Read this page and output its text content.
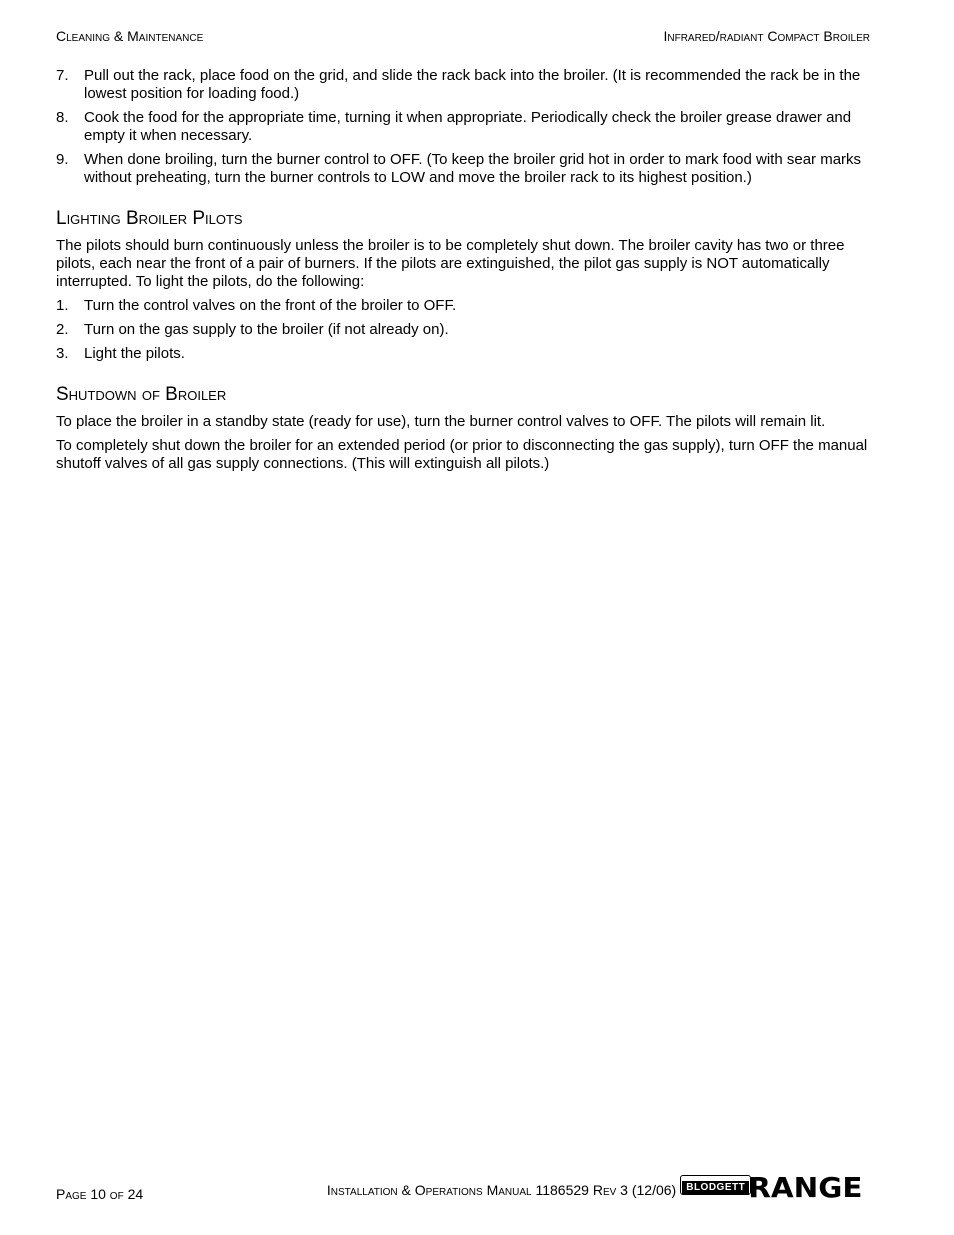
Cleaning & Maintenance	Infrared/radiant Compact Broiler
7. Pull out the rack, place food on the grid, and slide the rack back into the broiler. (It is recommended the rack be in the lowest position for loading food.)
8. Cook the food for the appropriate time, turning it when appropriate. Periodically check the broiler grease drawer and empty it when necessary.
9. When done broiling, turn the burner control to OFF. (To keep the broiler grid hot in order to mark food with sear marks without preheating, turn the burner controls to LOW and move the broiler rack to its highest position.)
Lighting Broiler Pilots

The pilots should burn continuously unless the broiler is to be completely shut down. The broiler cavity has two or three pilots, each near the front of a pair of burners. If the pilots are extinguished, the pilot gas supply is NOT automatically interrupted. To light the pilots, do the following:

1. Turn the control valves on the front of the broiler to OFF.
2. Turn on the gas supply to the broiler (if not already on).
3. Light the pilots.
Shutdown of Broiler

To place the broiler in a standby state (ready for use), turn the burner control valves to OFF. The pilots will remain lit.

To completely shut down the broiler for an extended period (or prior to disconnecting the gas supply), turn OFF the manual shutoff valves of all gas supply connections. (This will extinguish all pilots.)

Page 10 of 24	Installation & Operations Manual 1186529 Rev 3 (12/06)	BLODGETT RANGE
